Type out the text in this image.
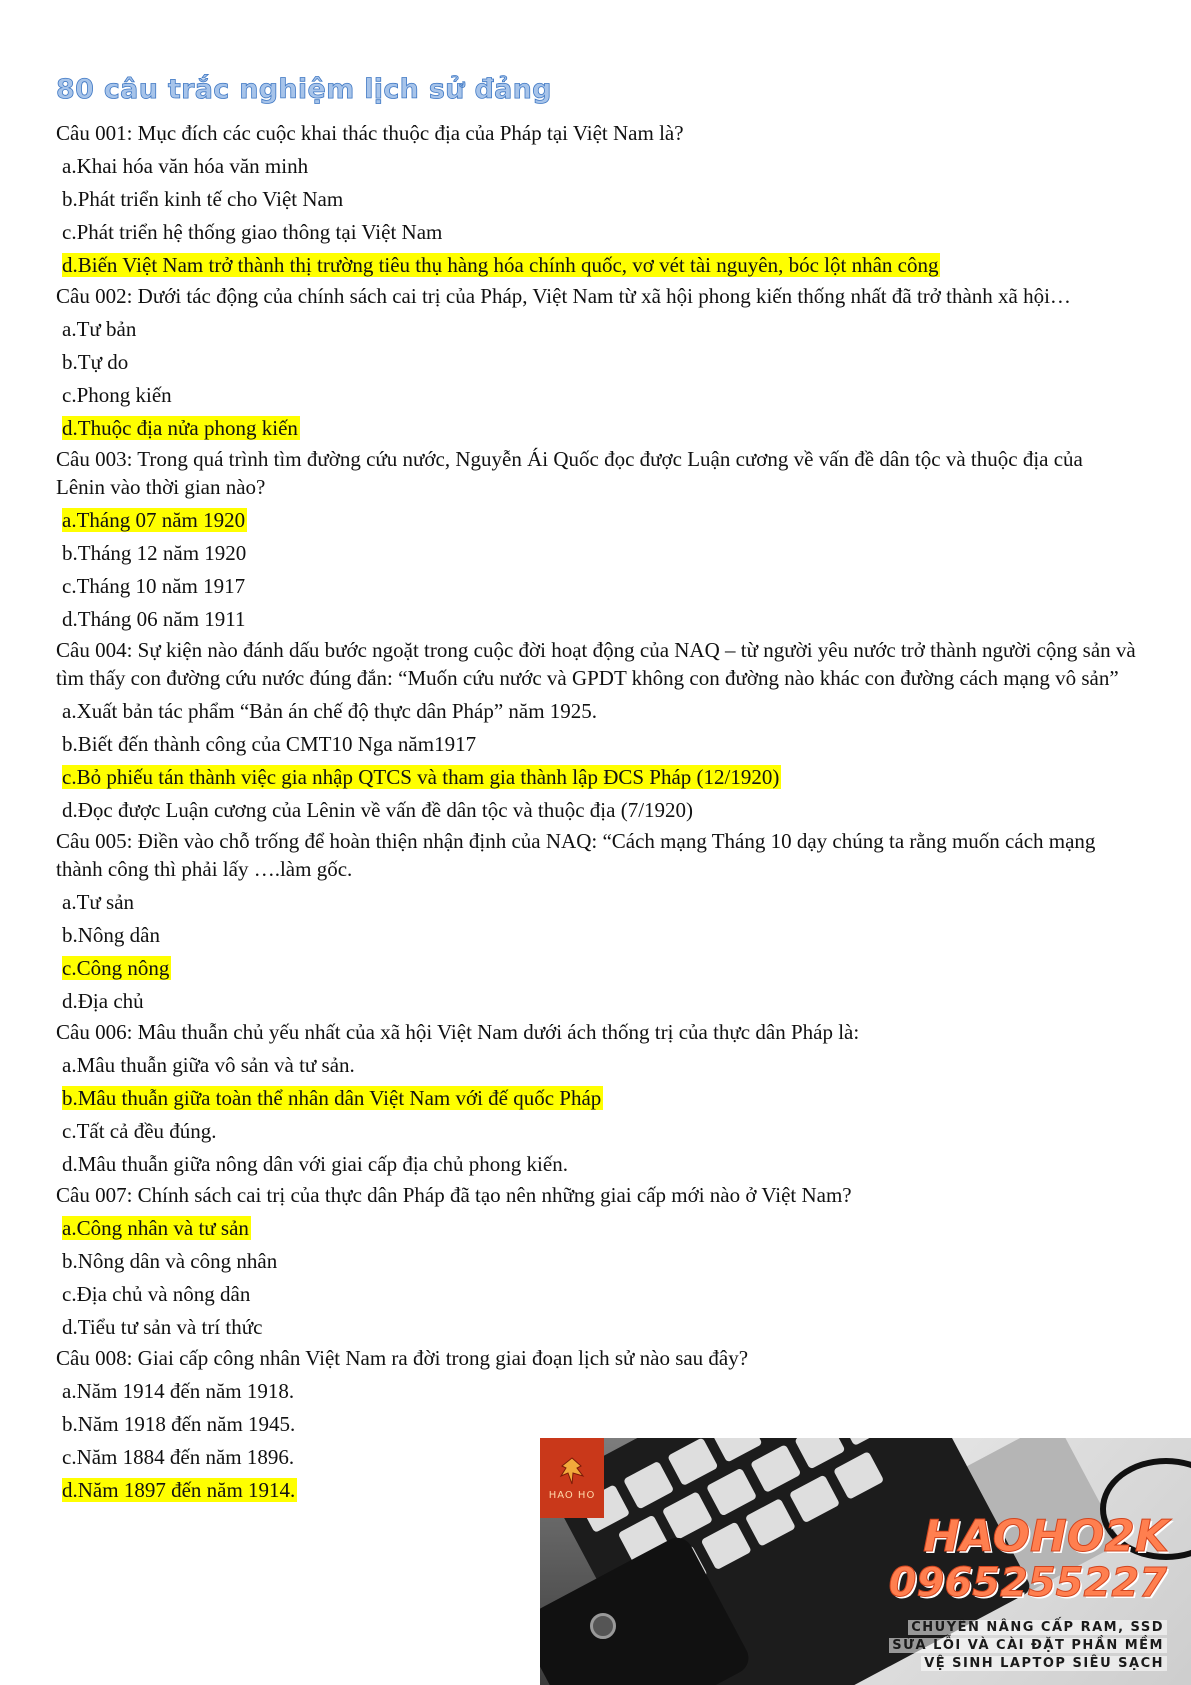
80 câu trắc nghiệm lịch sử đảng
Câu 001: Mục đích các cuộc khai thác thuộc địa của Pháp tại Việt Nam là?
a.Khai hóa văn hóa văn minh
b.Phát triển kinh tế cho Việt Nam
c.Phát triển hệ thống giao thông tại Việt Nam
d.Biến Việt Nam trở thành thị trường tiêu thụ hàng hóa chính quốc, vơ vét tài nguyên, bóc lột nhân công
Câu 002: Dưới tác động của chính sách cai trị của Pháp, Việt Nam từ xã hội phong kiến thống nhất đã trở thành xã hội…
a.Tư bản
b.Tự do
c.Phong kiến
d.Thuộc địa nửa phong kiến
Câu 003: Trong quá trình tìm đường cứu nước, Nguyễn Ái Quốc đọc được Luận cương về vấn đề dân tộc và thuộc địa của Lênin vào thời gian nào?
a.Tháng 07 năm 1920
b.Tháng 12 năm 1920
c.Tháng 10 năm 1917
d.Tháng 06 năm 1911
Câu 004: Sự kiện nào đánh dấu bước ngoặt trong cuộc đời hoạt động của NAQ – từ người yêu nước trở thành người cộng sản và tìm thấy con đường cứu nước đúng đắn: “Muốn cứu nước và GPDT không con đường nào khác con đường cách mạng vô sản”
a.Xuất bản tác phẩm “Bản án chế độ thực dân Pháp” năm 1925.
b.Biết đến thành công của CMT10 Nga năm1917
c.Bỏ phiếu tán thành việc gia nhập QTCS và tham gia thành lập ĐCS Pháp (12/1920)
d.Đọc được Luận cương của Lênin về vấn đề dân tộc và thuộc địa (7/1920)
Câu 005: Điền vào chỗ trống để hoàn thiện nhận định của NAQ: “Cách mạng Tháng 10 dạy chúng ta rằng muốn cách mạng thành công thì phải lấy ….làm gốc.
a.Tư sản
b.Nông dân
c.Công nông
d.Địa chủ
Câu 006: Mâu thuẫn chủ yếu nhất của xã hội Việt Nam dưới ách thống trị của thực dân Pháp là:
a.Mâu thuẫn giữa vô sản và tư sản.
b.Mâu thuẫn giữa toàn thể nhân dân Việt Nam với đế quốc Pháp
c.Tất cả đều đúng.
d.Mâu thuẫn giữa nông dân với giai cấp địa chủ phong kiến.
Câu 007: Chính sách cai trị của thực dân Pháp đã tạo nên những giai cấp mới nào ở Việt Nam?
a.Công nhân và tư sản
b.Nông dân và công nhân
c.Địa chủ và nông dân
d.Tiểu tư sản và trí thức
Câu 008: Giai cấp công nhân Việt Nam ra đời trong giai đoạn lịch sử nào sau đây?
a.Năm 1914 đến năm 1918.
b.Năm 1918 đến năm 1945.
c.Năm 1884 đến năm 1896.
d.Năm 1897 đến năm 1914.	HAO HO

HAOHO2K

0965255227

CHUYÊN NÂNG CẤP RAM, SSD

SỬA LỖI VÀ CÀI ĐẶT PHẦN MỀM

VỆ SINH LAPTOP SIÊU SẠCH
